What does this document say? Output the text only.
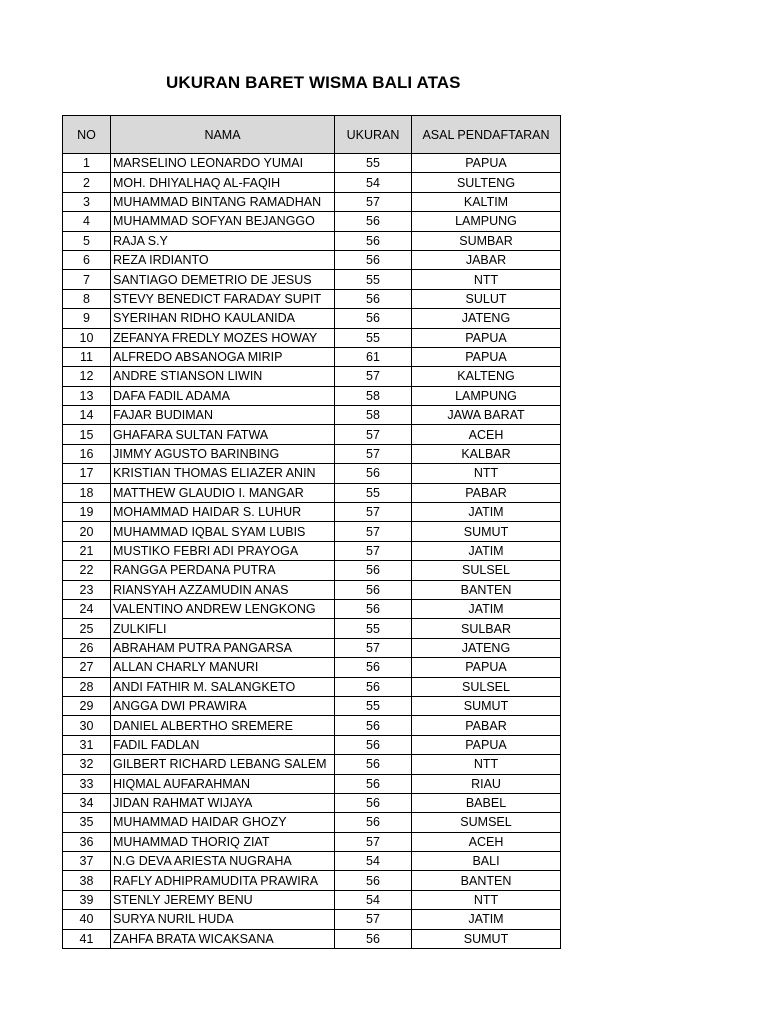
UKURAN BARET WISMA BALI ATAS
NO	NAMA	UKURAN	ASAL PENDAFTARAN
1	MARSELINO LEONARDO YUMAI	55	PAPUA
2	MOH. DHIYALHAQ AL-FAQIH	54	SULTENG
3	MUHAMMAD BINTANG RAMADHAN	57	KALTIM
4	MUHAMMAD SOFYAN BEJANGGO	56	LAMPUNG
5	RAJA S.Y	56	SUMBAR
6	REZA IRDIANTO	56	JABAR
7	SANTIAGO DEMETRIO DE JESUS	55	NTT
8	STEVY BENEDICT FARADAY SUPIT	56	SULUT
9	SYERIHAN RIDHO KAULANIDA	56	JATENG
10	ZEFANYA FREDLY MOZES HOWAY	55	PAPUA
11	ALFREDO ABSANOGA MIRIP	61	PAPUA
12	ANDRE STIANSON LIWIN	57	KALTENG
13	DAFA FADIL ADAMA	58	LAMPUNG
14	FAJAR BUDIMAN	58	JAWA BARAT
15	GHAFARA SULTAN FATWA	57	ACEH
16	JIMMY AGUSTO BARINBING	57	KALBAR
17	KRISTIAN THOMAS ELIAZER ANIN	56	NTT
18	MATTHEW GLAUDIO I. MANGAR	55	PABAR
19	MOHAMMAD HAIDAR S. LUHUR	57	JATIM
20	MUHAMMAD IQBAL SYAM LUBIS	57	SUMUT
21	MUSTIKO FEBRI ADI PRAYOGA	57	JATIM
22	RANGGA PERDANA PUTRA	56	SULSEL
23	RIANSYAH AZZAMUDIN ANAS	56	BANTEN
24	VALENTINO ANDREW LENGKONG	56	JATIM
25	ZULKIFLI	55	SULBAR
26	ABRAHAM PUTRA PANGARSA	57	JATENG
27	ALLAN CHARLY MANURI	56	PAPUA
28	ANDI FATHIR M. SALANGKETO	56	SULSEL
29	ANGGA DWI PRAWIRA	55	SUMUT
30	DANIEL ALBERTHO SREMERE	56	PABAR
31	FADIL FADLAN	56	PAPUA
32	GILBERT RICHARD LEBANG SALEM	56	NTT
33	HIQMAL AUFARAHMAN	56	RIAU
34	JIDAN RAHMAT WIJAYA	56	BABEL
35	MUHAMMAD HAIDAR GHOZY	56	SUMSEL
36	MUHAMMAD THORIQ ZIAT	57	ACEH
37	N.G DEVA ARIESTA NUGRAHA	54	BALI
38	RAFLY ADHIPRAMUDITA PRAWIRA	56	BANTEN
39	STENLY JEREMY BENU	54	NTT
40	SURYA NURIL HUDA	57	JATIM
41	ZAHFA BRATA WICAKSANA	56	SUMUT
